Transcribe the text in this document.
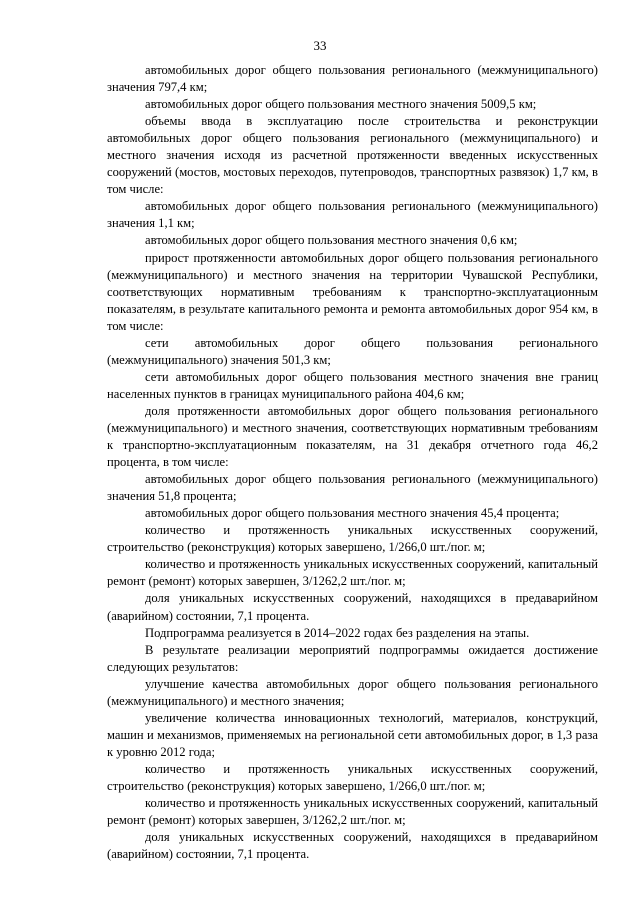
33

автомобильных дорог общего пользования регионального (межмуниципального) значения 797,4 км;

автомобильных дорог общего пользования местного значения 5009,5 км;

объемы ввода в эксплуатацию после строительства и реконструкции автомобильных дорог общего пользования регионального (межмуниципального) и местного значения исходя из расчетной протяженности введенных искусственных сооружений (мостов, мостовых переходов, путепроводов, транспортных развязок) 1,7 км, в том числе:

автомобильных дорог общего пользования регионального (межмуниципального) значения 1,1 км;

автомобильных дорог общего пользования местного значения 0,6 км;

прирост протяженности автомобильных дорог общего пользования регионального (межмуниципального) и местного значения на территории Чувашской Республики, соответствующих нормативным требованиям к транспортно-эксплуатационным показателям, в результате капитального ремонта и ремонта автомобильных дорог 954 км, в том числе:

сети автомобильных дорог общего пользования регионального (межмуниципального) значения 501,3 км;

сети автомобильных дорог общего пользования местного значения вне границ населенных пунктов в границах муниципального района 404,6 км;

доля протяженности автомобильных дорог общего пользования регионального (межмуниципального) и местного значения, соответствующих нормативным требованиям к транспортно-эксплуатационным показателям, на 31 декабря отчетного года 46,2 процента, в том числе:

автомобильных дорог общего пользования регионального (межмуниципального) значения 51,8 процента;

автомобильных дорог общего пользования местного значения 45,4 процента;

количество и протяженность уникальных искусственных сооружений, строительство (реконструкция) которых завершено, 1/266,0 шт./пог. м;

количество и протяженность уникальных искусственных сооружений, капитальный ремонт (ремонт) которых завершен, 3/1262,2 шт./пог. м;

доля уникальных искусственных сооружений, находящихся в предаварийном (аварийном) состоянии, 7,1 процента.

Подпрограмма реализуется в 2014–2022 годах без разделения на этапы.

В результате реализации мероприятий подпрограммы ожидается достижение следующих результатов:

улучшение качества автомобильных дорог общего пользования регионального (межмуниципального) и местного значения;

увеличение количества инновационных технологий, материалов, конструкций, машин и механизмов, применяемых на региональной сети автомобильных дорог, в 1,3 раза к уровню 2012 года;

количество и протяженность уникальных искусственных сооружений, строительство (реконструкция) которых завершено, 1/266,0 шт./пог. м;

количество и протяженность уникальных искусственных сооружений, капитальный ремонт (ремонт) которых завершен, 3/1262,2 шт./пог. м;

доля уникальных искусственных сооружений, находящихся в предаварийном (аварийном) состоянии, 7,1 процента.
